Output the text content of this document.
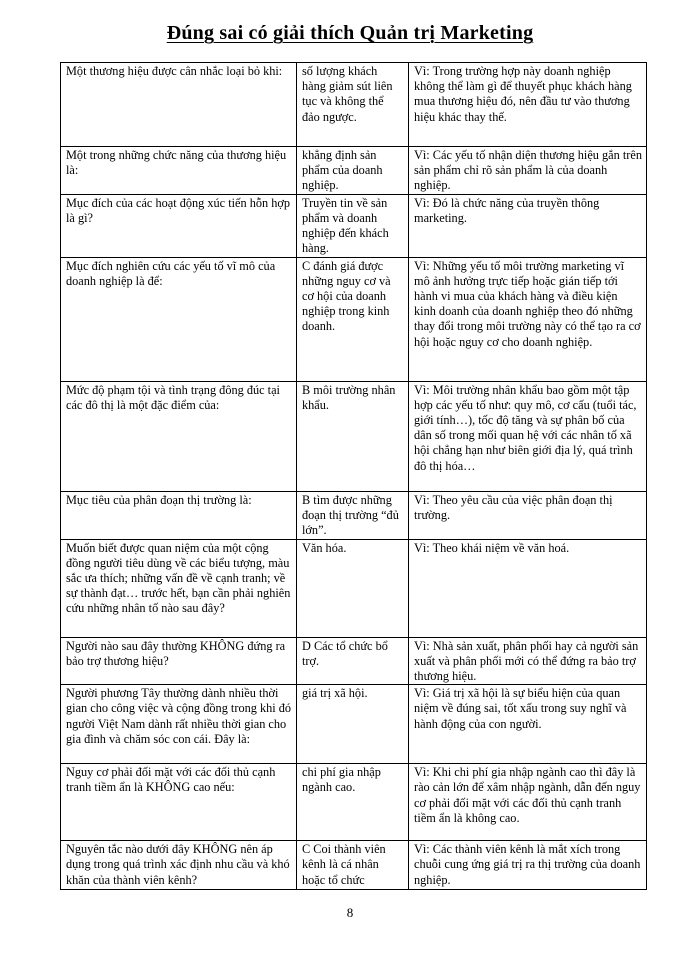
Đúng sai có giải thích Quản trị Marketing
Một thương hiệu được cân nhắc loại bỏ khi:	số lượng khách hàng giảm sút liên tục và không thể đảo ngược.	Vì: Trong trường hợp này doanh nghiệp không thể làm gì để thuyết phục khách hàng mua thương hiệu đó, nên đầu tư vào thương hiệu khác thay thế.
Một trong những chức năng của thương hiệu là:	khẳng định sản phẩm của doanh nghiệp.	Vì: Các yếu tố nhận diện thương hiệu gắn trên sản phẩm chỉ rõ sản phẩm là của doanh nghiệp.
Mục đích của các hoạt động xúc tiến hỗn hợp là gì?	Truyền tin về sản phẩm và doanh nghiệp đến khách hàng.	Vì: Đó là chức năng của truyền thông marketing.
Mục đích nghiên cứu các yếu tố vĩ mô của doanh nghiệp là để:	C đánh giá được những nguy cơ và cơ hội của doanh nghiệp trong kinh doanh.	Vì: Những yếu tố môi trường marketing vĩ mô ảnh hưởng trực tiếp hoặc gián tiếp tới hành vi mua của khách hàng và điều kiện kinh doanh của doanh nghiệp theo đó những thay đổi trong môi trường này có thể tạo ra cơ hội hoặc nguy cơ cho doanh nghiệp.
Mức độ phạm tội và tình trạng đông đúc tại các đô thị là một đặc điểm của:	B môi trường nhân khẩu.	Vì: Môi trường nhân khẩu bao gồm một tập hợp các yếu tố như: quy mô, cơ cấu (tuổi tác, giới tính…), tốc độ tăng và sự phân bố của dân số trong mối quan hệ với các nhân tố xã hội chẳng hạn như biên giới địa lý, quá trình đô thị hóa…
Mục tiêu của phân đoạn thị trường là:	B tìm được những đoạn thị trường “đủ lớn”.	Vì: Theo yêu cầu của việc phân đoạn thị trường.
Muốn biết được quan niệm của một cộng đồng người tiêu dùng về các biểu tượng, màu sắc ưa thích; những vấn đề về cạnh tranh; về sự thành đạt… trước hết, bạn cần phải nghiên cứu những nhân tố nào sau đây?	Văn hóa.	Vì: Theo khái niệm về văn hoá.
Người nào sau đây thường KHÔNG đứng ra bảo trợ thương hiệu?	D Các tổ chức bổ trợ.	Vì: Nhà sản xuất, phân phối hay cả người sản xuất và phân phối mới có thể đứng ra bảo trợ thương hiệu.
Người phương Tây thường dành nhiều thời gian cho công việc và cộng đồng trong khi đó người Việt Nam dành rất nhiều thời gian cho gia đình và chăm sóc con cái. Đây là:	giá trị xã hội.	Vì: Giá trị xã hội là sự biểu hiện của quan niệm về đúng sai, tốt xấu trong suy nghĩ và hành động của con người.
Nguy cơ phải đối mặt với các đối thủ cạnh tranh tiềm ẩn là KHÔNG cao nếu:	chi phí gia nhập ngành cao.	Vì: Khi chi phí gia nhập ngành cao thì đây là rào cản lớn để xâm nhập ngành, dẫn đến nguy cơ phải đối mặt với các đối thủ cạnh tranh tiềm ẩn là không cao.
Nguyên tắc nào dưới đây KHÔNG nên áp dụng trong quá trình xác định nhu cầu và khó khăn của thành viên kênh?	C Coi thành viên kênh là cá nhân hoặc tổ chức	Vì: Các thành viên kênh là mắt xích trong chuỗi cung ứng giá trị ra thị trường của doanh nghiệp.
8
